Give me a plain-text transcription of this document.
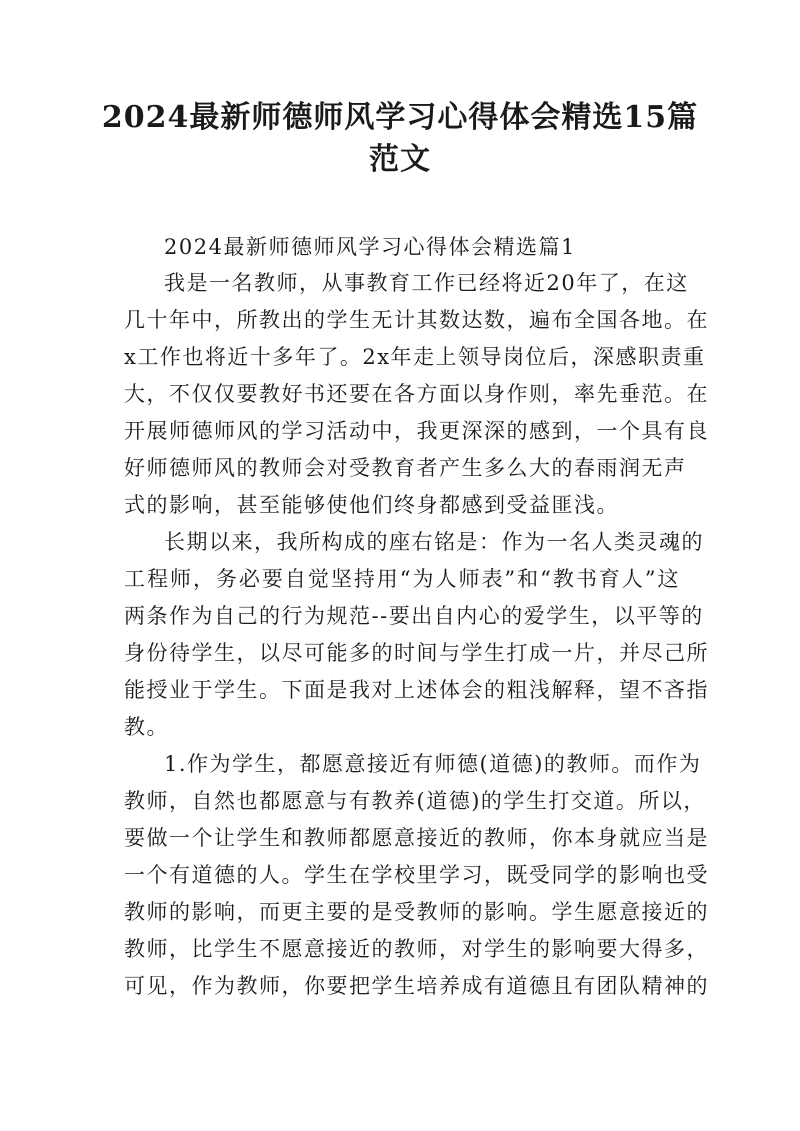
2024最新师德师风学习心得体会精选15篇
范文
2024最新师德师风学习心得体会精选篇1
我是一名教师，从事教育工作已经将近20年了，在这
几十年中，所教出的学生无计其数达数，遍布全国各地。在
x工作也将近十多年了。2x年走上领导岗位后，深感职责重
大，不仅仅要教好书还要在各方面以身作则，率先垂范。在
开展师德师风的学习活动中，我更深深的感到，一个具有良
好师德师风的教师会对受教育者产生多么大的春雨润无声
式的影响，甚至能够使他们终身都感到受益匪浅。
长期以来，我所构成的座右铭是：作为一名人类灵魂的
工程师，务必要自觉坚持用“为人师表”和“教书育人”这
两条作为自己的行为规范--要出自内心的爱学生，以平等的
身份待学生，以尽可能多的时间与学生打成一片，并尽己所
能授业于学生。下面是我对上述体会的粗浅解释，望不吝指
教。
1.作为学生，都愿意接近有师德(道德)的教师。而作为
教师，自然也都愿意与有教养(道德)的学生打交道。所以，
要做一个让学生和教师都愿意接近的教师，你本身就应当是
一个有道德的人。学生在学校里学习，既受同学的影响也受
教师的影响，而更主要的是受教师的影响。学生愿意接近的
教师，比学生不愿意接近的教师，对学生的影响要大得多，
可见，作为教师，你要把学生培养成有道德且有团队精神的
